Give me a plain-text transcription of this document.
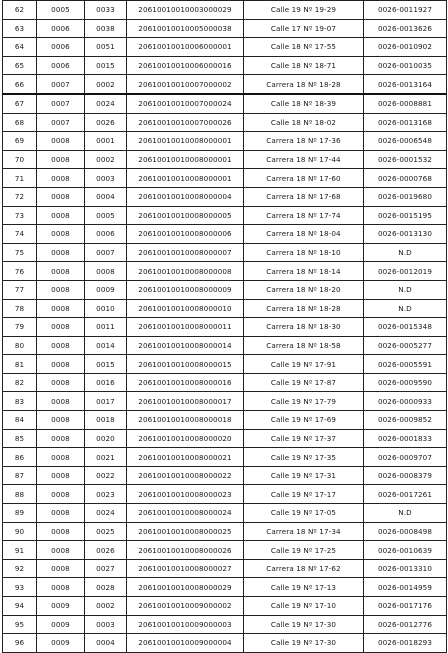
62	0005	0033	20610010010003000029	Calle 19 Nº 19-29	0026-0011927
63	0006	0038	20610010010005000038	Calle 17 Nº 19-07	0026-0013626
64	0006	0051	20610010010006000001	Calle 18 Nº 17-55	0026-0010902
65	0006	0015	20610010010006000016	Calle 18 Nº 18-71	0026-0010035
66	0007	0002	20610010010007000002	Carrera 18 Nº 18-28	0026-0013164
67	0007	0024	20610010010007000024	Calle 18 Nº 18-39	0026-0008881
68	0007	0026	20610010010007000026	Calle 18 Nº 18-02	0026-0013168
69	0008	0001	20610010010008000001	Carrera 18 Nº 17-36	0026-0006548
70	0008	0002	20610010010008000001	Carrera 18 Nº 17-44	0026-0001532
71	0008	0003	20610010010008000001	Carrera 18 Nº 17-60	0026-0000768
72	0008	0004	20610010010008000004	Carrera 18 Nº 17-68	0026-0019680
73	0008	0005	20610010010008000005	Carrera 18 Nº 17-74	0026-0015195
74	0008	0006	20610010010008000006	Carrera 18 Nº 18-04	0026-0013130
75	0008	0007	20610010010008000007	Carrera 18 Nº 18-10	N.D
76	0008	0008	20610010010008000008	Carrera 18 Nº 18-14	0026-0012019
77	0008	0009	20610010010008000009	Carrera 18 Nº 18-20	N.D
78	0008	0010	20610010010008000010	Carrera 18 Nº 18-28	N.D
79	0008	0011	20610010010008000011	Carrera 18 Nº 18-30	0026-0015348
80	0008	0014	20610010010008000014	Carrera 18 Nº 18-58	0026-0005277
81	0008	0015	20610010010008000015	Calle 19 Nº 17-91	0026-0005591
82	0008	0016	20610010010008000016	Calle 19 Nº 17-87	0026-0009590
83	0008	0017	20610010010008000017	Calle 19 Nº 17-79	0026-0000933
84	0008	0018	20610010010008000018	Calle 19 Nº 17-69	0026-0009852
85	0008	0020	20610010010008000020	Calle 19 Nº 17-37	0026-0001833
86	0008	0021	20610010010008000021	Calle 19 Nº 17-35	0026-0009707
87	0008	0022	20610010010008000022	Calle 19 Nº 17-31	0026-0008379
88	0008	0023	20610010010008000023	Calle 19 Nº 17-17	0026-0017261
89	0008	0024	20610010010008000024	Calle 19 Nº 17-05	N.D
90	0008	0025	20610010010008000025	Carrera 18 Nº 17-34	0026-0008498
91	0008	0026	20610010010008000026	Calle 19 Nº 17-25	0026-0010639
92	0008	0027	20610010010008000027	Carrera 18 Nº 17-62	0026-0013310
93	0008	0028	20610010010008000029	Calle 19 Nº 17-13	0026-0014959
94	0009	0002	20610010010009000002	Calle 19 Nº 17-10	0026-0017176
95	0009	0003	20610010010009000003	Calle 19 Nº 17-30	0026-0012776
96	0009	0004	20610010010009000004	Calle 19 Nº 17-30	0026-0018293
